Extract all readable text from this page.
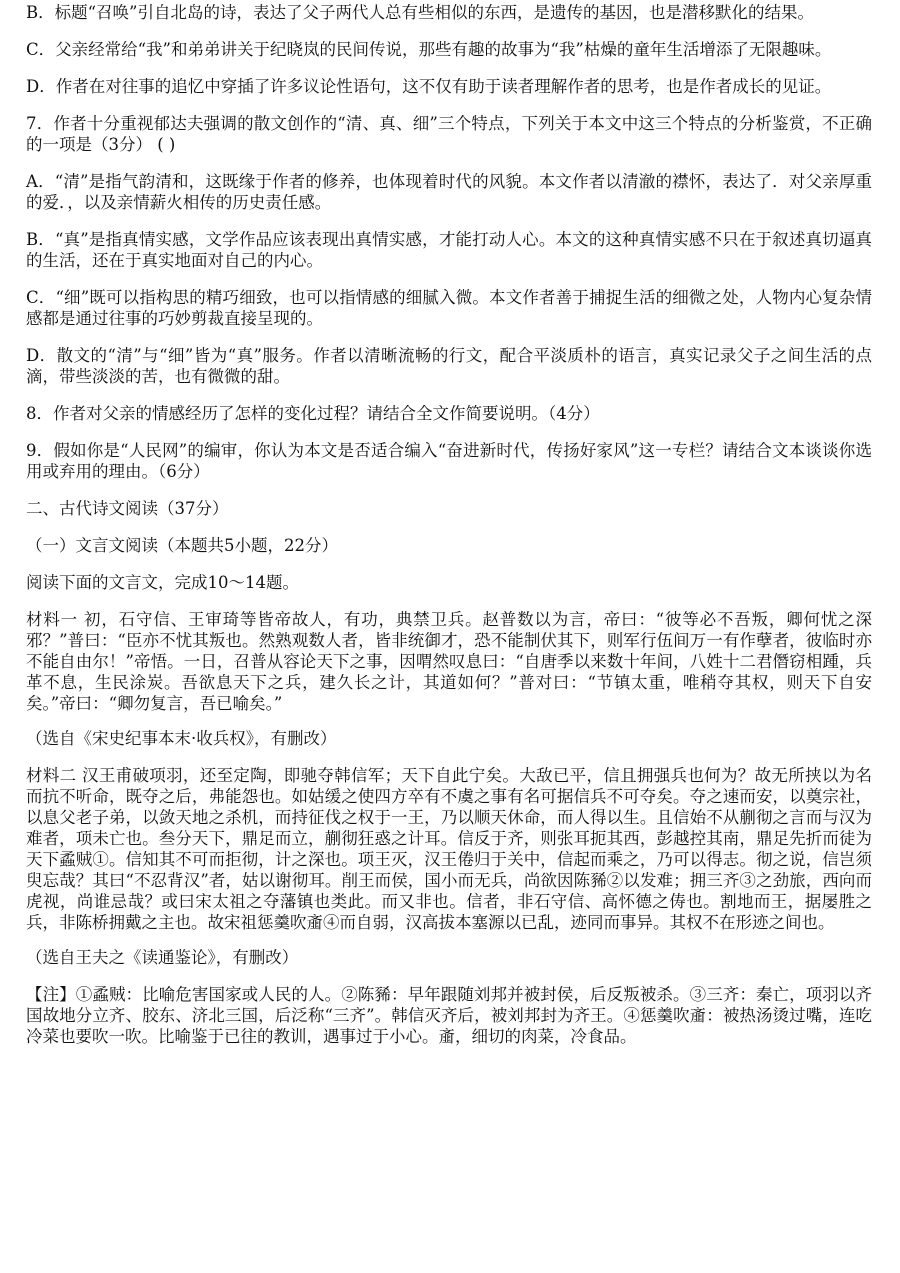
B．标题“召唤”引自北岛的诗，表达了父子两代人总有些相似的东西，是遗传的基因，也是潜移默化的结果。

C．父亲经常给“我”和弟弟讲关于纪晓岚的民间传说，那些有趣的故事为“我”枯燥的童年生活增添了无限趣味。

D．作者在对往事的追忆中穿插了许多议论性语句，这不仅有助于读者理解作者的思考，也是作者成长的见证。

7．作者十分重视郁达夫强调的散文创作的“清、真、细”三个特点，下列关于本文中这三个特点的分析鉴赏，不正确的一项是（3分） ( )

A．“清”是指气韵清和，这既缘于作者的修养，也体现着时代的风貌。本文作者以清澈的襟怀，表达了．对父亲厚重的爱．，以及亲情薪火相传的历史责任感。

B．“真”是指真情实感，文学作品应该表现出真情实感，才能打动人心。本文的这种真情实感不只在于叙述真切逼真的生活，还在于真实地面对自己的内心。

C．“细”既可以指构思的精巧细致，也可以指情感的细腻入微。本文作者善于捕捉生活的细微之处，人物内心复杂情感都是通过往事的巧妙剪裁直接呈现的。

D．散文的“清”与“细”皆为“真”服务。作者以清晰流畅的行文，配合平淡质朴的语言，真实记录父子之间生活的点滴，带些淡淡的苦，也有微微的甜。

8．作者对父亲的情感经历了怎样的变化过程？请结合全文作简要说明。（4分）

9．假如你是“人民网”的编审，你认为本文是否适合编入“奋进新时代，传扬好家风”这一专栏？请结合文本谈谈你选用或弃用的理由。（6分）

二、古代诗文阅读（37分）

（一）文言文阅读（本题共5小题，22分）

阅读下面的文言文，完成10～14题。

材料一 初，石守信、王审琦等皆帝故人，有功，典禁卫兵。赵普数以为言，帝曰：“彼等必不吾叛，卿何忧之深邪？”普曰：“臣亦不忧其叛也。然熟观数人者，皆非统御才，恐不能制伏其下，则军行伍间万一有作孽者，彼临时亦不能自由尔！”帝悟。一日，召普从容论天下之事，因喟然叹息曰：“自唐季以来数十年间，八姓十二君僭窃相踵，兵革不息，生民涂炭。吾欲息天下之兵，建久长之计，其道如何？”普对曰：“节镇太重，唯稍夺其权，则天下自安矣。”帝曰：“卿勿复言，吾已喻矣。”

（选自《宋史纪事本末·收兵权》，有删改）

材料二 汉王甫破项羽，还至定陶，即驰夺韩信军；天下自此宁矣。大敌已平，信且拥强兵也何为？故无所挟以为名而抗不听命，既夺之后，弗能怨也。如姑缓之使四方卒有不虞之事有名可据信兵不可夺矣。夺之速而安，以奠宗社，以息父老子弟，以敛天地之杀机，而持征伐之权于一王，乃以顺天休命，而人得以生。且信始不从蒯彻之言而与汉为难者，项未亡也。叁分天下，鼎足而立，蒯彻狂惑之计耳。信反于齐，则张耳扼其西，彭越控其南，鼎足先折而徒为天下蟊贼①。信知其不可而拒彻，计之深也。项王灭，汉王倦归于关中，信起而乘之，乃可以得志。彻之说，信岂须臾忘哉？其曰“不忍背汉”者，姑以谢彻耳。削王而侯，国小而无兵，尚欲因陈豨②以发难；拥三齐③之劲旅，西向而虎视，尚谁忌哉？或曰宋太祖之夺藩镇也类此。而又非也。信者，非石守信、高怀德之俦也。割地而王，据屡胜之兵，非陈桥拥戴之主也。故宋祖惩羹吹齑④而自弱，汉高拔本塞源以已乱，迹同而事异。其权不在形迹之间也。

（选自王夫之《读通鉴论》，有删改）

【注】①蟊贼：比喻危害国家或人民的人。②陈豨：早年跟随刘邦并被封侯，后反叛被杀。③三齐：秦亡，项羽以齐国故地分立齐、胶东、济北三国，后泛称“三齐”。韩信灭齐后，被刘邦封为齐王。④惩羹吹齑：被热汤烫过嘴，连吃冷菜也要吹一吹。比喻鉴于已往的教训，遇事过于小心。齑，细切的肉菜，冷食品。
